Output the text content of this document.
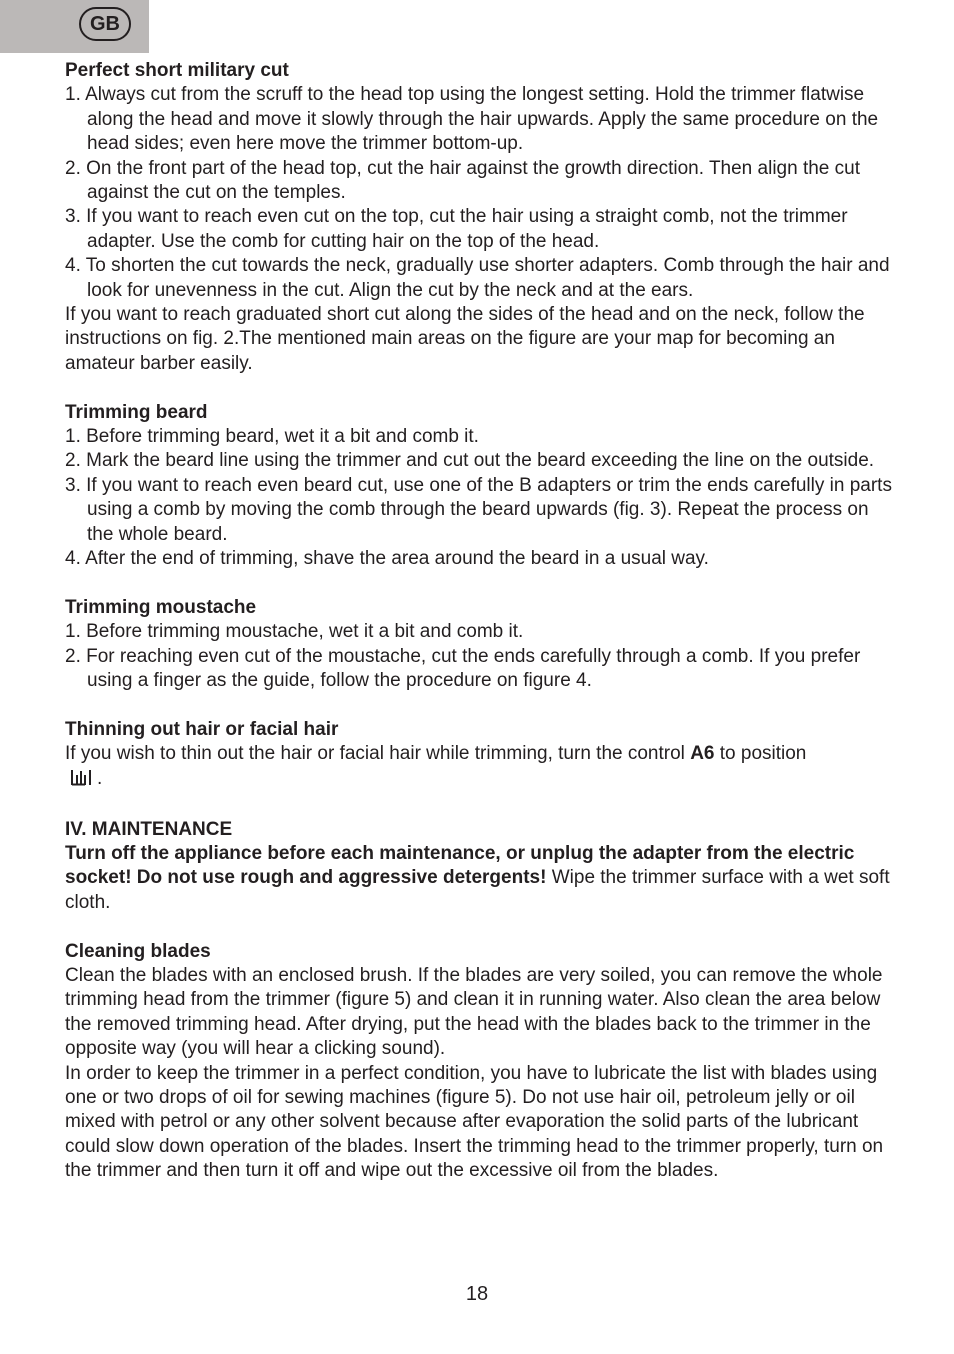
GB
Perfect short military cut
1. Always cut from the scruff to the head top using the longest setting. Hold the trimmer flatwise along the head and move it slowly through the hair upwards. Apply the same procedure on the head sides; even here move the trimmer bottom-up.
2. On the front part of the head top, cut the hair against the growth direction. Then align the cut against the cut on the temples.
3. If you want to reach even cut on the top, cut the hair using a straight comb, not the trimmer adapter. Use the comb for cutting hair on the top of the head.
4. To shorten the cut towards the neck, gradually use shorter adapters. Comb through the hair and look for unevenness in the cut. Align the cut by the neck and at the ears.

If you want to reach graduated short cut along the sides of the head and on the neck, follow the instructions on fig. 2.The mentioned main areas on the figure are your map for becoming an amateur barber easily.

Trimming beard
1. Before trimming beard, wet it a bit and comb it.
2. Mark the beard line using the trimmer and cut out the beard exceeding the line on the outside.
3. If you want to reach even beard cut, use one of the B adapters or trim the ends carefully in parts using a comb by moving the comb through the beard upwards (fig. 3). Repeat the process on the whole beard.
4. After the end of trimming, shave the area around the beard in a usual way.
Trimming moustache
1. Before trimming moustache, wet it a bit and comb it.
2. For reaching even cut of the moustache, cut the ends carefully through a comb. If you prefer using a finger as the guide, follow the procedure on figure 4.
Thinning out hair or facial hair

If you wish to thin out the hair or facial hair while trimming, turn the control A6 to position
.

IV. MAINTENANCE

Turn off the appliance before each maintenance, or unplug the adapter from the electric socket! Do not use rough and aggressive detergents! Wipe the trimmer surface with a wet soft cloth.

Cleaning blades

Clean the blades with an enclosed brush. If the blades are very soiled, you can remove the whole trimming head from the trimmer (figure 5) and clean it in running water. Also clean the area below the removed trimming head. After drying, put the head with the blades back to the trimmer in the opposite way (you will hear a clicking sound).

In order to keep the trimmer in a perfect condition, you have to lubricate the list with blades using one or two drops of oil for sewing machines (figure 5). Do not use hair oil, petroleum jelly or oil mixed with petrol or any other solvent because after evaporation the solid parts of the lubricant could slow down operation of the blades. Insert the trimming head to the trimmer properly, turn on the trimmer and then turn it off and wipe out the excessive oil from the blades.

18
